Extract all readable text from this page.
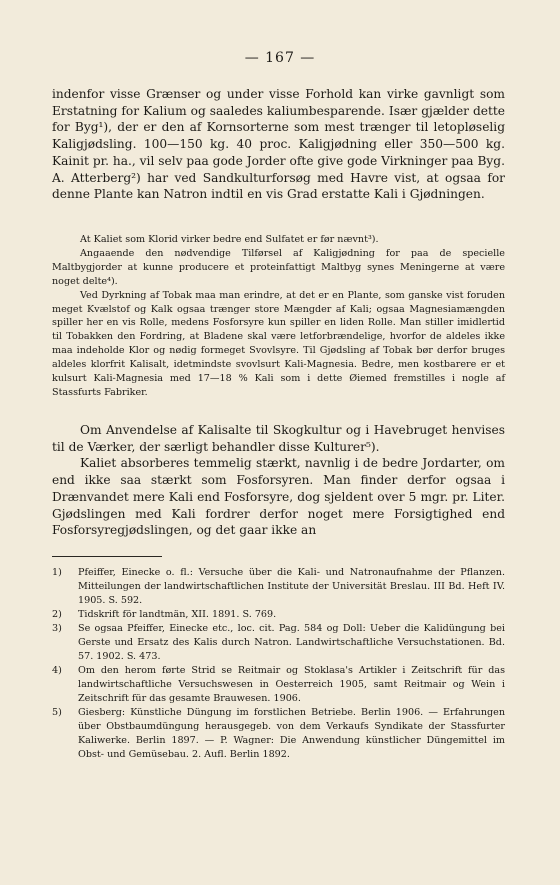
— 167 —

indenfor visse Grænser og under visse Forhold kan virke gavnligt som Erstatning for Kalium og saaledes kaliumbesparende. Især gjælder dette for Byg¹), der er den af Kornsorterne som mest trænger til letopløselig Kaligjødsling. 100—150 kg. 40 proc. Kaligjødning eller 350—500 kg. Kainit pr. ha., vil selv paa gode Jorder ofte give gode Virkninger paa Byg. A. Atterberg²) har ved Sandkulturforsøg med Havre vist, at ogsaa for denne Plante kan Natron indtil en vis Grad erstatte Kali i Gjødningen.

At Kaliet som Klorid virker bedre end Sulfatet er før nævnt³).

Angaaende den nødvendige Tilførsel af Kaligjødning for paa de specielle Maltbygjorder at kunne producere et proteinfattigt Maltbyg synes Meningerne at være noget delte⁴).

Ved Dyrkning af Tobak maa man erindre, at det er en Plante, som ganske vist foruden meget Kvælstof og Kalk ogsaa trænger store Mængder af Kali; ogsaa Magnesiamængden spiller her en vis Rolle, medens Fosforsyre kun spiller en liden Rolle. Man stiller imidlertid til Tobakken den Fordring, at Bladene skal være letforbrændelige, hvorfor de aldeles ikke maa indeholde Klor og nødig formeget Svovlsyre. Til Gjødsling af Tobak bør derfor bruges aldeles klorfrit Kalisalt, idetmindste svovlsurt Kali-Magnesia. Bedre, men kostbarere er et kulsurt Kali-Magnesia med 17—18 % Kali som i dette Øiemed fremstilles i nogle af Stassfurts Fabriker.

Om Anvendelse af Kalisalte til Skogkultur og i Havebruget henvises til de Værker, der særligt behandler disse Kulturer⁵).

Kaliet absorberes temmelig stærkt, navnlig i de bedre Jordarter, om end ikke saa stærkt som Fosforsyren. Man finder derfor ogsaa i Drænvandet mere Kali end Fosforsyre, dog sjeldent over 5 mgr. pr. Liter. Gjødslingen med Kali fordrer derfor noget mere Forsigtighed end Fosforsyregjødslingen, og det gaar ikke an

1) Pfeiffer, Einecke o. fl.: Versuche über die Kali- und Natronaufnahme der Pflanzen. Mitteilungen der landwirtschaftlichen Institute der Universität Breslau. III Bd. Heft IV. 1905. S. 592.
2) Tidskrift för landtmän, XII. 1891. S. 769.
3) Se ogsaa Pfeiffer, Einecke etc., loc. cit. Pag. 584 og Doll: Ueber die Kalidüngung bei Gerste und Ersatz des Kalis durch Natron. Landwirtschaftliche Versuchstationen. Bd. 57. 1902. S. 473.
4) Om den herom førte Strid se Reitmair og Stoklasa's Artikler i Zeitschrift für das landwirtschaftliche Versuchswesen in Oesterreich 1905, samt Reitmair og Wein i Zeitschrift für das gesamte Brauwesen. 1906.
5) Giesberg: Künstliche Düngung im forstlichen Betriebe. Berlin 1906. — Erfahrungen über Obstbaumdüngung herausgegeb. von dem Verkaufs Syndikate der Stassfurter Kaliwerke. Berlin 1897. — P. Wagner: Die Anwendung künstlicher Düngemittel im Obst- und Gemüsebau. 2. Aufl. Berlin 1892.
